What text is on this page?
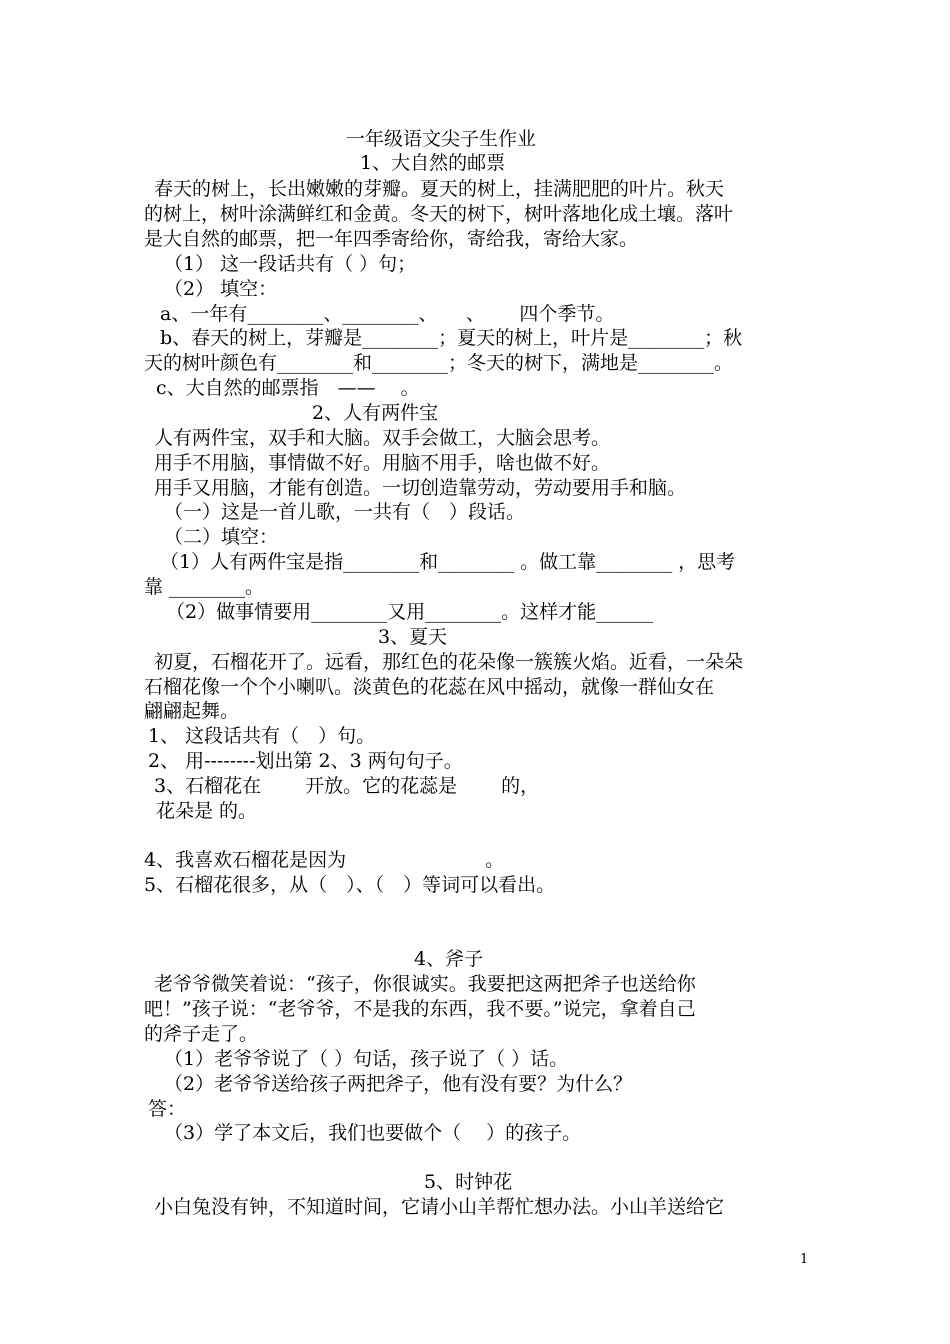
一年级语文尖子生作业
1、大自然的邮票
春天的树上，长出嫩嫩的芽瓣。夏天的树上，挂满肥肥的叶片。秋天
的树上，树叶涂满鲜红和金黄。冬天的树下，树叶落地化成土壤。落叶
是大自然的邮票，把一年四季寄给你，寄给我，寄给大家。
（1） 这一段话共有（ ）句；
（2） 填空：
a、一年有________、________、　　、　　 四个季节。
b、春天的树上，芽瓣是________；夏天的树上，叶片是________；秋
天的树叶颜色有________和________；冬天的树下，满地是________。
c、大自然的邮票指　——　 。
2、人有两件宝
人有两件宝，双手和大脑。双手会做工，大脑会思考。
用手不用脑，事情做不好。用脑不用手，啥也做不好。
用手又用脑，才能有创造。一切创造靠劳动，劳动要用手和脑。
（一）这是一首儿歌，一共有（　）段话。
（二）填空：
（1）人有两件宝是指________和________ 。做工靠________ ，思考
靠 ________。
（2）做事情要用________又用________。这样才能______
3、夏天
初夏，石榴花开了。远看，那红色的花朵像一簇簇火焰。近看，一朵朵
石榴花像一个个小喇叭。淡黄色的花蕊在风中摇动，就像一群仙女在
翩翩起舞。
1、 这段话共有（　）句。
2、 用--------划出第 2、3 两句句子。
3、石榴花在　　 开放。它的花蕊是　　 的，
花朵是 的。
4、我喜欢石榴花是因为　　　　　　　 。
5、石榴花很多，从（　）、（　）等词可以看出。
4、斧子
老爷爷微笑着说：“孩子，你很诚实。我要把这两把斧子也送给你
吧！”孩子说：“老爷爷，不是我的东西，我不要。”说完，拿着自己
的斧子走了。
（1）老爷爷说了（ ）句话，孩子说了（ ）话。
（2）老爷爷送给孩子两把斧子，他有没有要？为什么？
答：
（3）学了本文后，我们也要做个（　 ）的孩子。
5、时钟花
小白兔没有钟，不知道时间，它请小山羊帮忙想办法。小山羊送给它
1
